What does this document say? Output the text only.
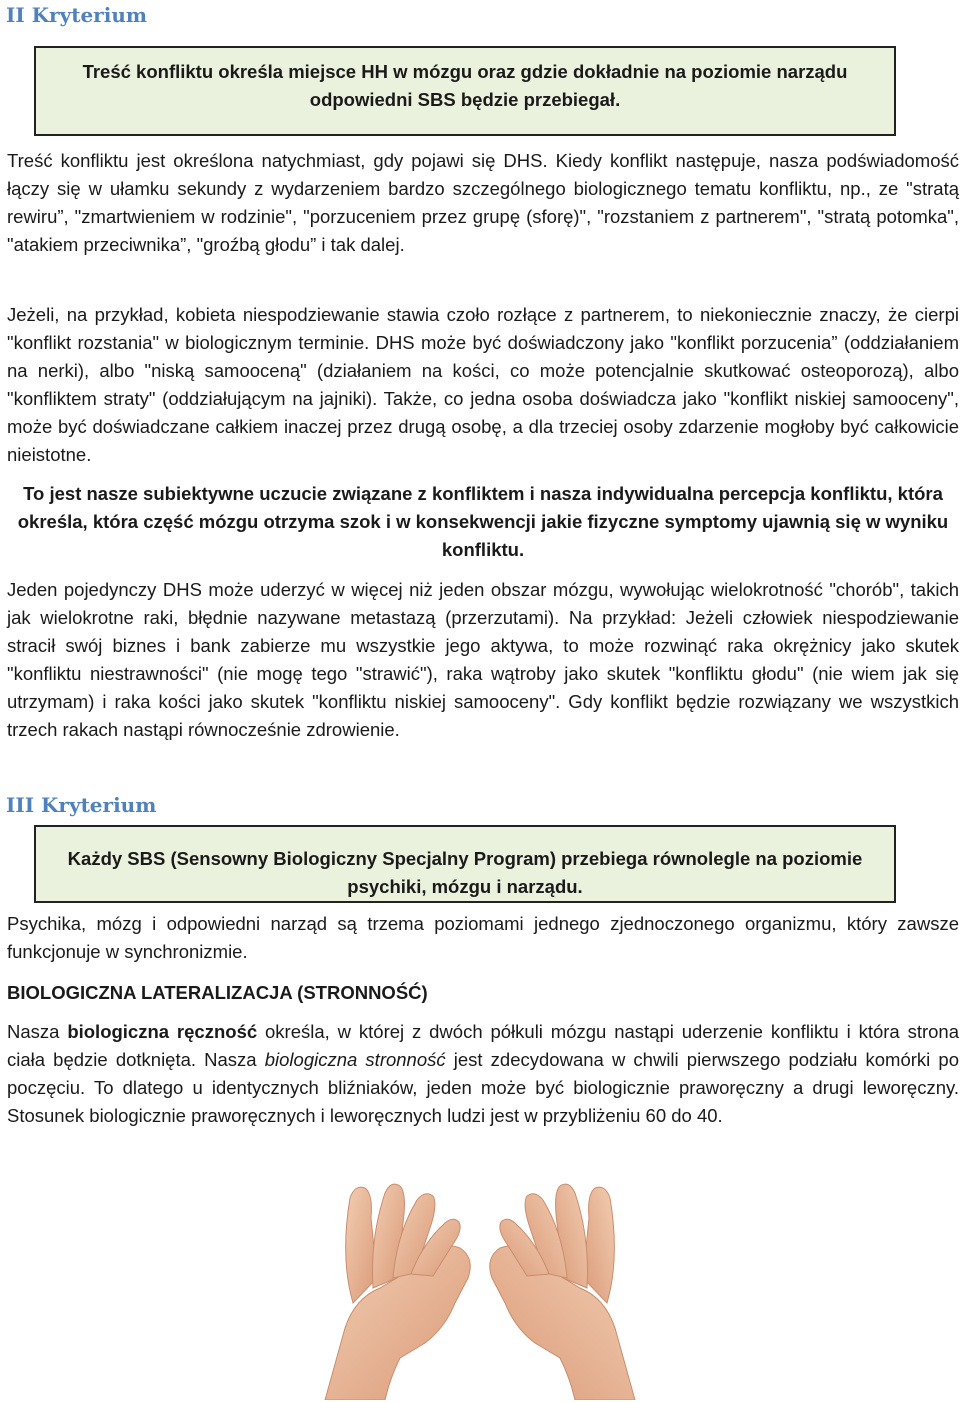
II Kryterium
Treść konfliktu określa miejsce HH w mózgu oraz gdzie dokładnie na poziomie narządu odpowiedni SBS będzie przebiegał.

Treść konfliktu jest określona natychmiast, gdy pojawi się DHS. Kiedy konflikt następuje, nasza podświadomość łączy się w ułamku sekundy z wydarzeniem bardzo szczególnego biologicznego tematu konfliktu, np., ze "stratą rewiru”, "zmartwieniem w rodzinie", "porzuceniem przez grupę (sforę)", "rozstaniem z partnerem", "stratą potomka", "atakiem przeciwnika”, "groźbą głodu” i tak dalej.

Jeżeli, na przykład, kobieta niespodziewanie stawia czoło rozłące z partnerem, to niekoniecznie znaczy, że cierpi "konflikt rozstania" w biologicznym terminie. DHS może być doświadczony jako "konflikt porzucenia” (oddziałaniem na nerki), albo "niską samooceną" (działaniem na kości, co może potencjalnie skutkować osteoporozą), albo "konfliktem straty" (oddziałującym na jajniki). Także, co jedna osoba doświadcza jako "konflikt niskiej samooceny", może być doświadczane całkiem inaczej przez drugą osobę, a dla trzeciej osoby zdarzenie mogłoby być całkowicie nieistotne.

To jest nasze subiektywne uczucie związane z konfliktem i nasza indywidualna percepcja konfliktu, która określa, która część mózgu otrzyma szok i w konsekwencji jakie fizyczne symptomy ujawnią się w wyniku konfliktu.

Jeden pojedynczy DHS może uderzyć w więcej niż jeden obszar mózgu, wywołując wielokrotność "chorób", takich jak wielokrotne raki, błędnie nazywane metastazą (przerzutami). Na przykład: Jeżeli człowiek niespodziewanie stracił swój biznes i bank zabierze mu wszystkie jego aktywa, to może rozwinąć raka okrężnicy jako skutek "konfliktu niestrawności" (nie mogę tego "strawić"), raka wątroby jako skutek "konfliktu głodu" (nie wiem jak się utrzymam) i raka kości jako skutek "konfliktu niskiej samooceny". Gdy konflikt będzie rozwiązany we wszystkich trzech rakach nastąpi równocześnie zdrowienie.

III Kryterium
Każdy SBS (Sensowny Biologiczny Specjalny Program) przebiega równolegle na poziomie psychiki, mózgu i narządu.

Psychika, mózg i odpowiedni narząd są trzema poziomami jednego zjednoczonego organizmu, który zawsze funkcjonuje w synchronizmie.

BIOLOGICZNA LATERALIZACJA (STRONNOŚĆ)

Nasza biologiczna ręczność określa, w której z dwóch półkuli mózgu nastąpi uderzenie konfliktu i która strona ciała będzie dotknięta. Nasza biologiczna stronność jest zdecydowana w chwili pierwszego podziału komórki po poczęciu. To dlatego u identycznych bliźniaków, jeden może być biologicznie praworęczny a drugi leworęczny. Stosunek biologicznie praworęcznych i leworęcznych ludzi jest w przybliżeniu 60 do 40.
